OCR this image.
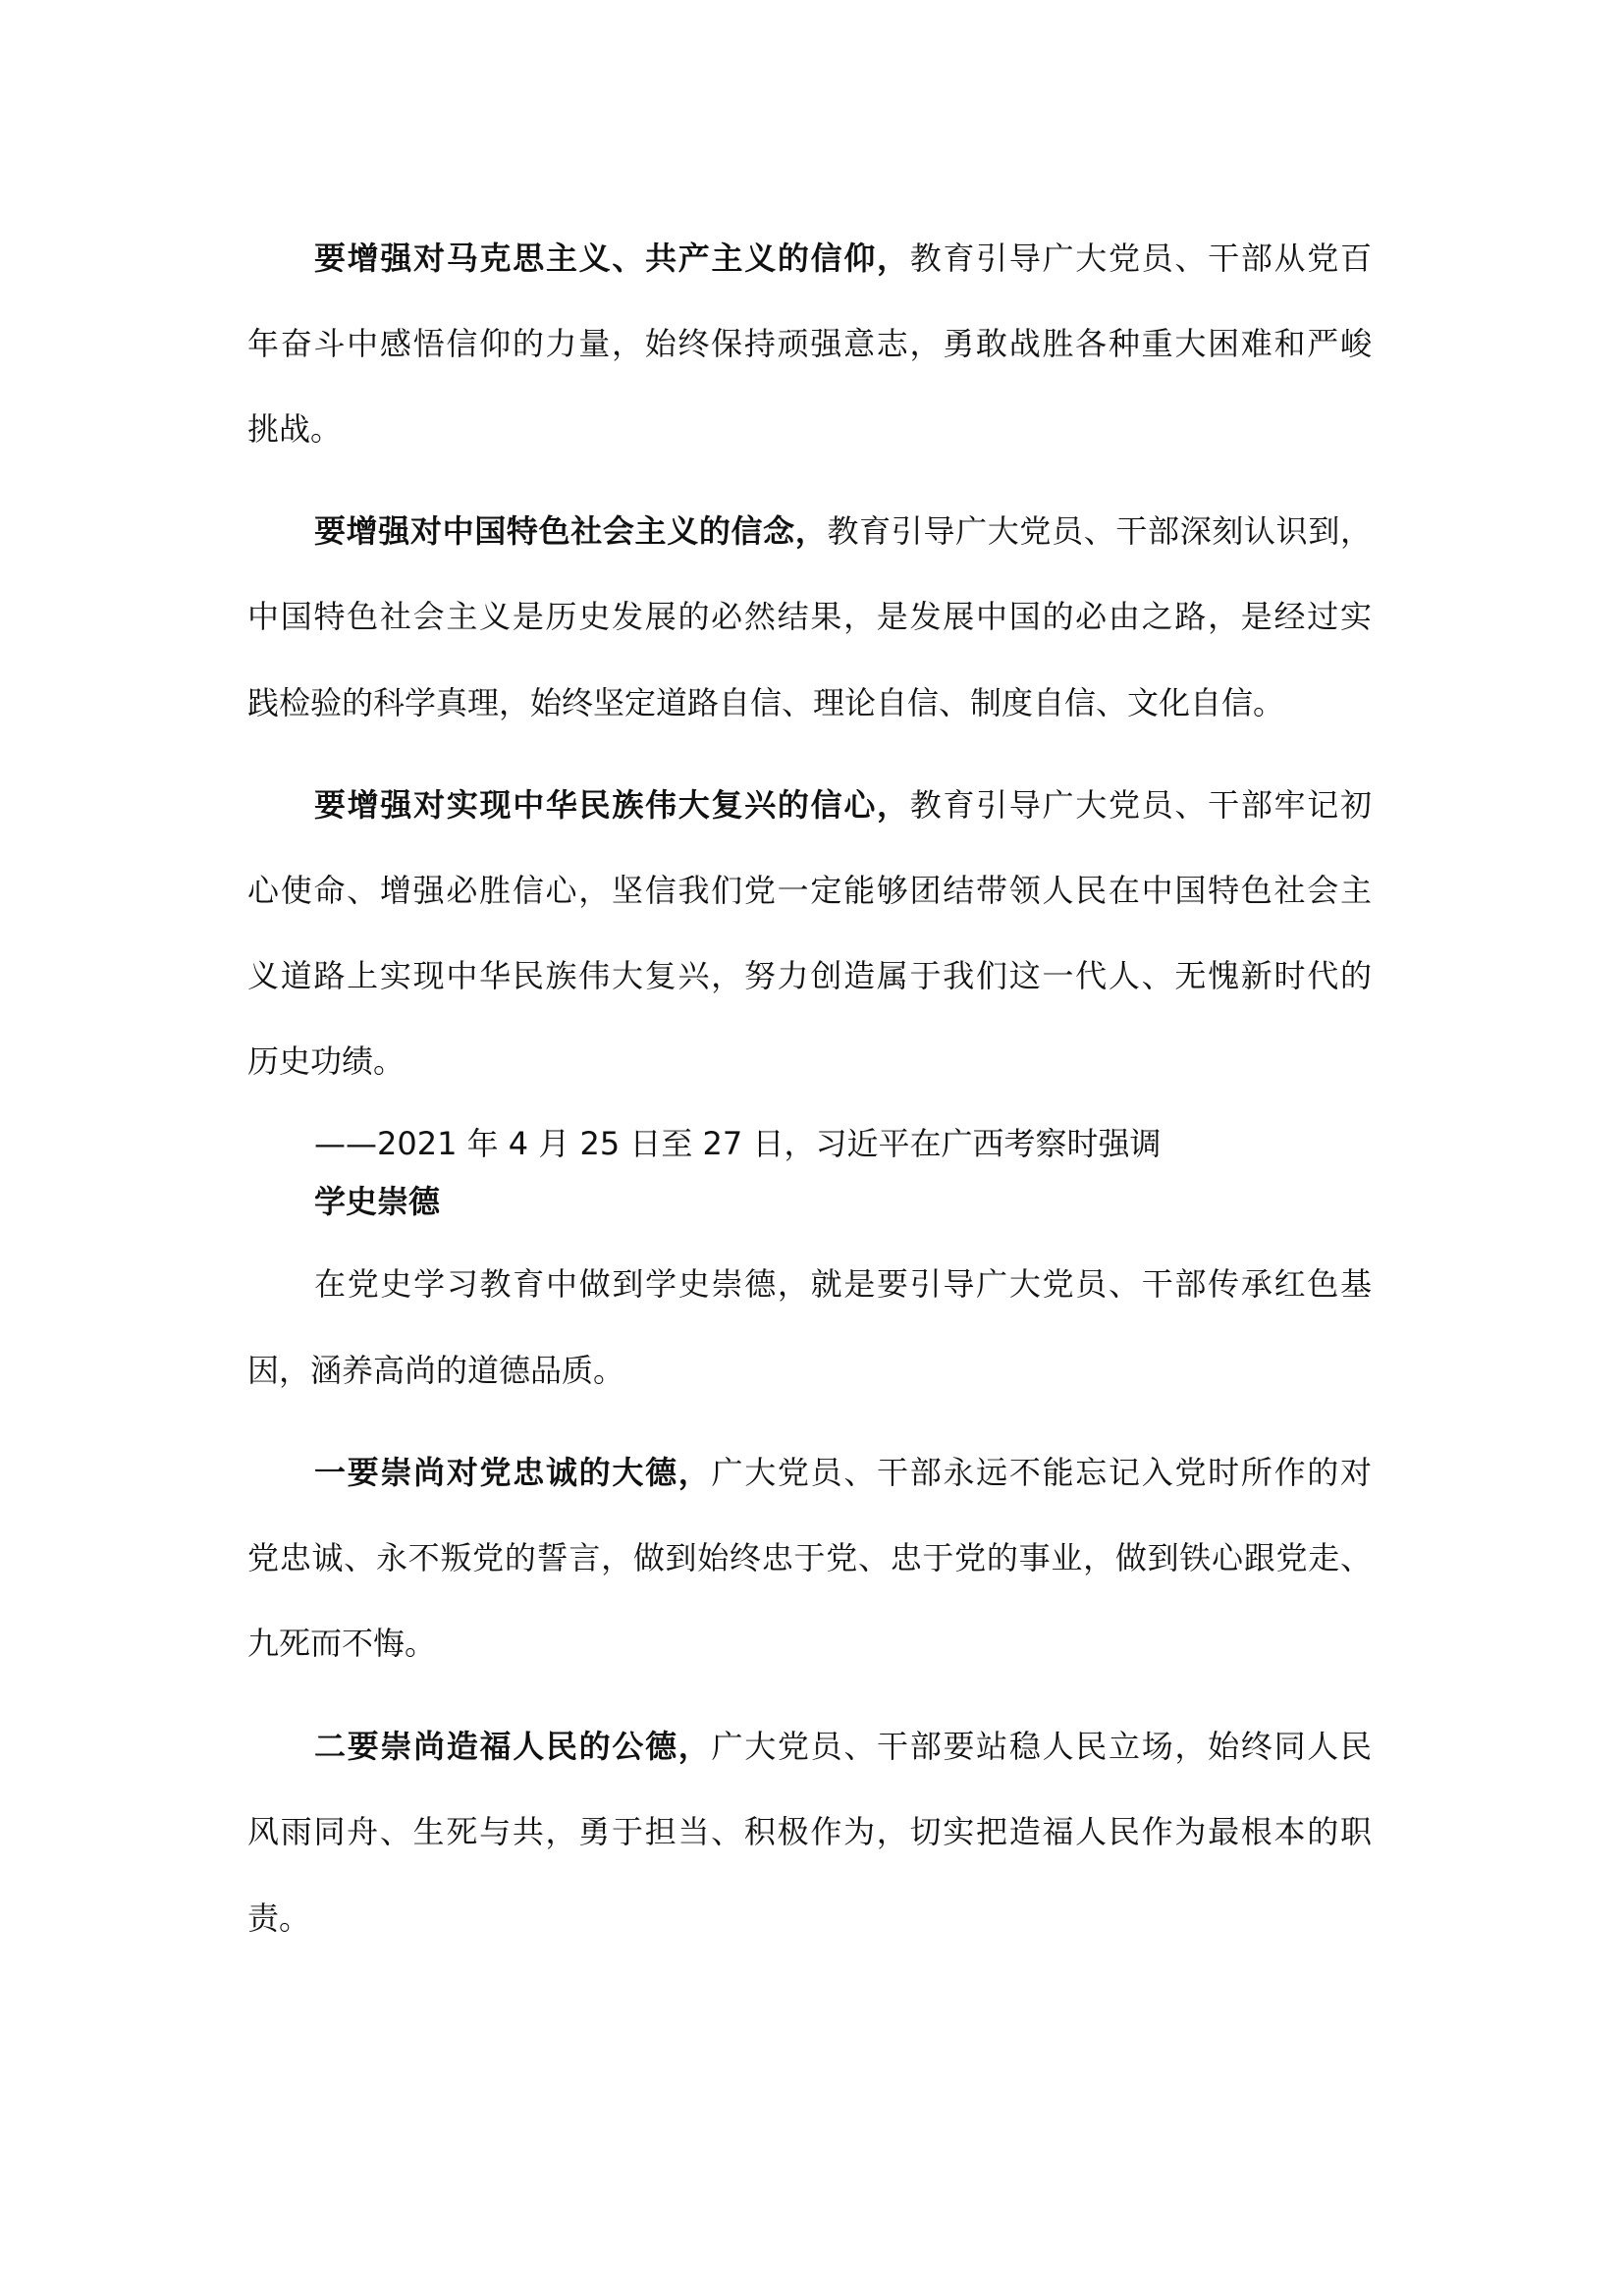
要增强对马克思主义、共产主义的信仰，教育引导广大党员、干部从党百
年奋斗中感悟信仰的力量，始终保持顽强意志，勇敢战胜各种重大困难和严峻
挑战。
要增强对中国特色社会主义的信念，教育引导广大党员、干部深刻认识到，
中国特色社会主义是历史发展的必然结果，是发展中国的必由之路，是经过实
践检验的科学真理，始终坚定道路自信、理论自信、制度自信、文化自信。
要增强对实现中华民族伟大复兴的信心，教育引导广大党员、干部牢记初
心使命、增强必胜信心，坚信我们党一定能够团结带领人民在中国特色社会主
义道路上实现中华民族伟大复兴，努力创造属于我们这一代人、无愧新时代的
历史功绩。
——2021 年 4 月 25 日至 27 日，习近平在广西考察时强调
学史崇德
在党史学习教育中做到学史崇德，就是要引导广大党员、干部传承红色基
因，涵养高尚的道德品质。
一要崇尚对党忠诚的大德，广大党员、干部永远不能忘记入党时所作的对
党忠诚、永不叛党的誓言，做到始终忠于党、忠于党的事业，做到铁心跟党走、
九死而不悔。
二要崇尚造福人民的公德，广大党员、干部要站稳人民立场，始终同人民
风雨同舟、生死与共，勇于担当、积极作为，切实把造福人民作为最根本的职
责。
